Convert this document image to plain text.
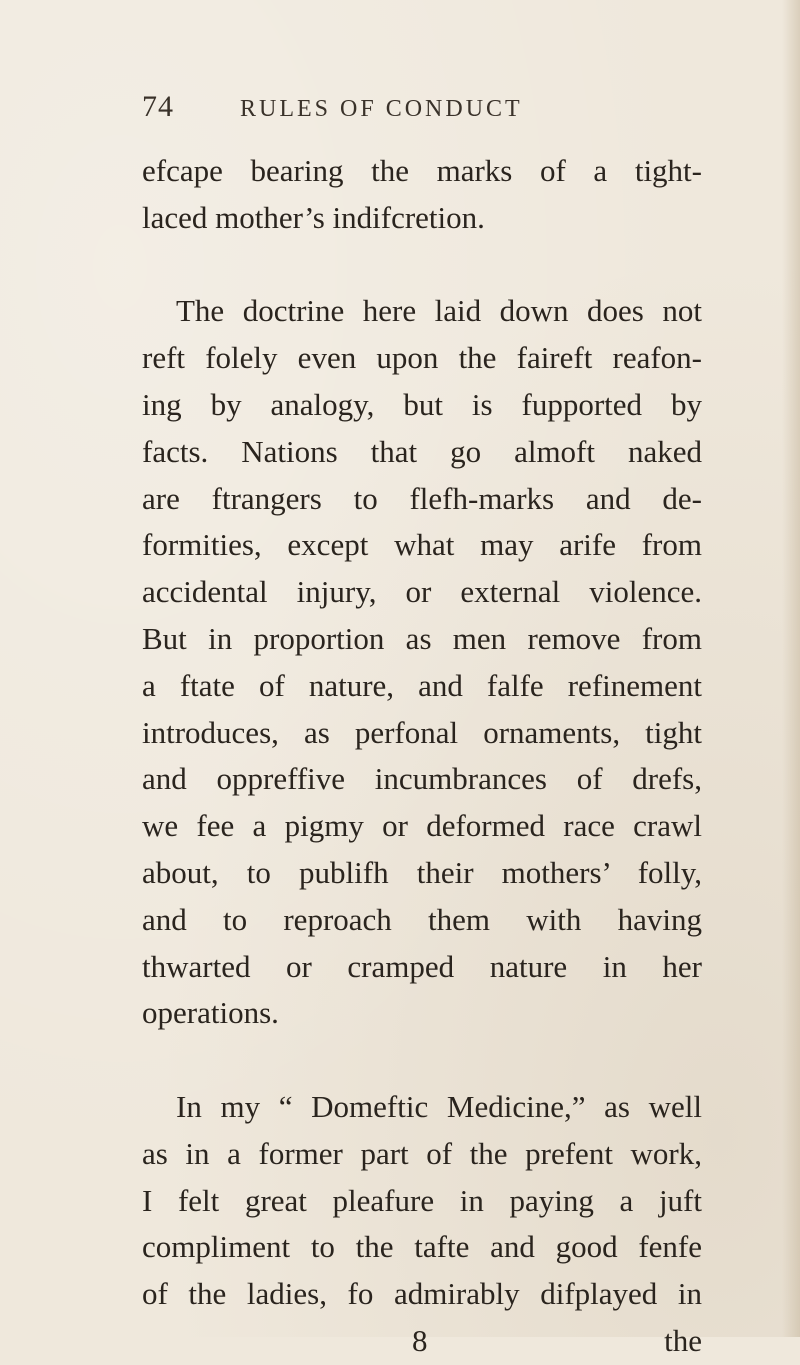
74	RULES OF CONDUCT
efcape bearing the marks of a tight-
laced mother’s indifcretion.
The doctrine here laid down does not
reft folely even upon the faireft reafon-
ing by analogy, but is fupported by
facts. Nations that go almoft naked
are ftrangers to flefh-marks and de-
formities, except what may arife from
accidental injury, or external violence.
But in proportion as men remove from
a ftate of nature, and falfe refinement
introduces, as perfonal ornaments, tight
and oppreffive incumbrances of drefs,
we fee a pigmy or deformed race crawl
about, to publifh their mothers’ folly,
and to reproach them with having
thwarted or cramped nature in her
operations.
In my “ Domeftic Medicine,” as well
as in a former part of the prefent work,
I felt great pleafure in paying a juft
compliment to the tafte and good fenfe
of the ladies, fo admirably difplayed in
8	the
